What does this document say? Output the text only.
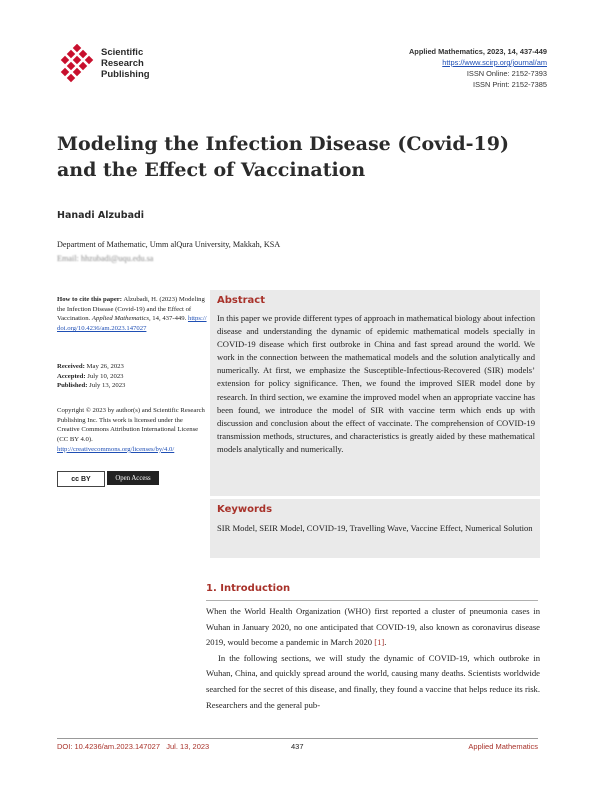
Scientific
Research
Publishing
Applied Mathematics, 2023, 14, 437-449
https://www.scirp.org/journal/am
ISSN Online: 2152-7393
ISSN Print: 2152-7385
Modeling the Infection Disease (Covid-19) and the Effect of Vaccination
Hanadi Alzubadi
Department of Mathematic, Umm alQura University, Makkah, KSA
Email: hhzubadi@uqu.edu.sa
How to cite this paper: Alzubadi, H. (2023) Modeling the Infection Disease (Covid-19) and the Effect of Vaccination. Applied Mathematics, 14, 437-449. https://doi.org/10.4236/am.2023.147027
Received: May 26, 2023
Accepted: July 10, 2023
Published: July 13, 2023
Copyright © 2023 by author(s) and Scientific Research Publishing Inc. This work is licensed under the Creative Commons Attribution International License (CC BY 4.0).
http://creativecommons.org/licenses/by/4.0/
cc BY	Open Access
Abstract
In this paper we provide different types of approach in mathematical biology about infection disease and understanding the dynamic of epidemic mathematical models specially in COVID-19 disease which first outbroke in China and fast spread around the world. We work in the connection between the mathematical models and the solution analytically and numerically. At first, we emphasize the Susceptible-Infectious-Recovered (SIR) models’ extension for policy significance. Then, we found the improved SIER model done by research. In third section, we examine the improved model when an appropriate vaccine has been found, we introduce the model of SIR with vaccine term which ends up with discussion and conclusion about the effect of vaccinate. The comprehension of COVID-19 transmission methods, structures, and characteristics is greatly aided by these mathematical models analytically and numerically.
Keywords
SIR Model, SEIR Model, COVID-19, Travelling Wave, Vaccine Effect, Numerical Solution
1. Introduction

When the World Health Organization (WHO) first reported a cluster of pneumonia cases in Wuhan in January 2020, no one anticipated that COVID-19, also known as coronavirus disease 2019, would become a pandemic in March 2020 [1].

In the following sections, we will study the dynamic of COVID-19, which outbroke in Wuhan, China, and quickly spread around the world, causing many deaths. Scientists worldwide searched for the secret of this disease, and finally, they found a vaccine that helps reduce its risk. Researchers and the general pub-

DOI: 10.4236/am.2023.147027 Jul. 13, 2023	437	Applied Mathematics
